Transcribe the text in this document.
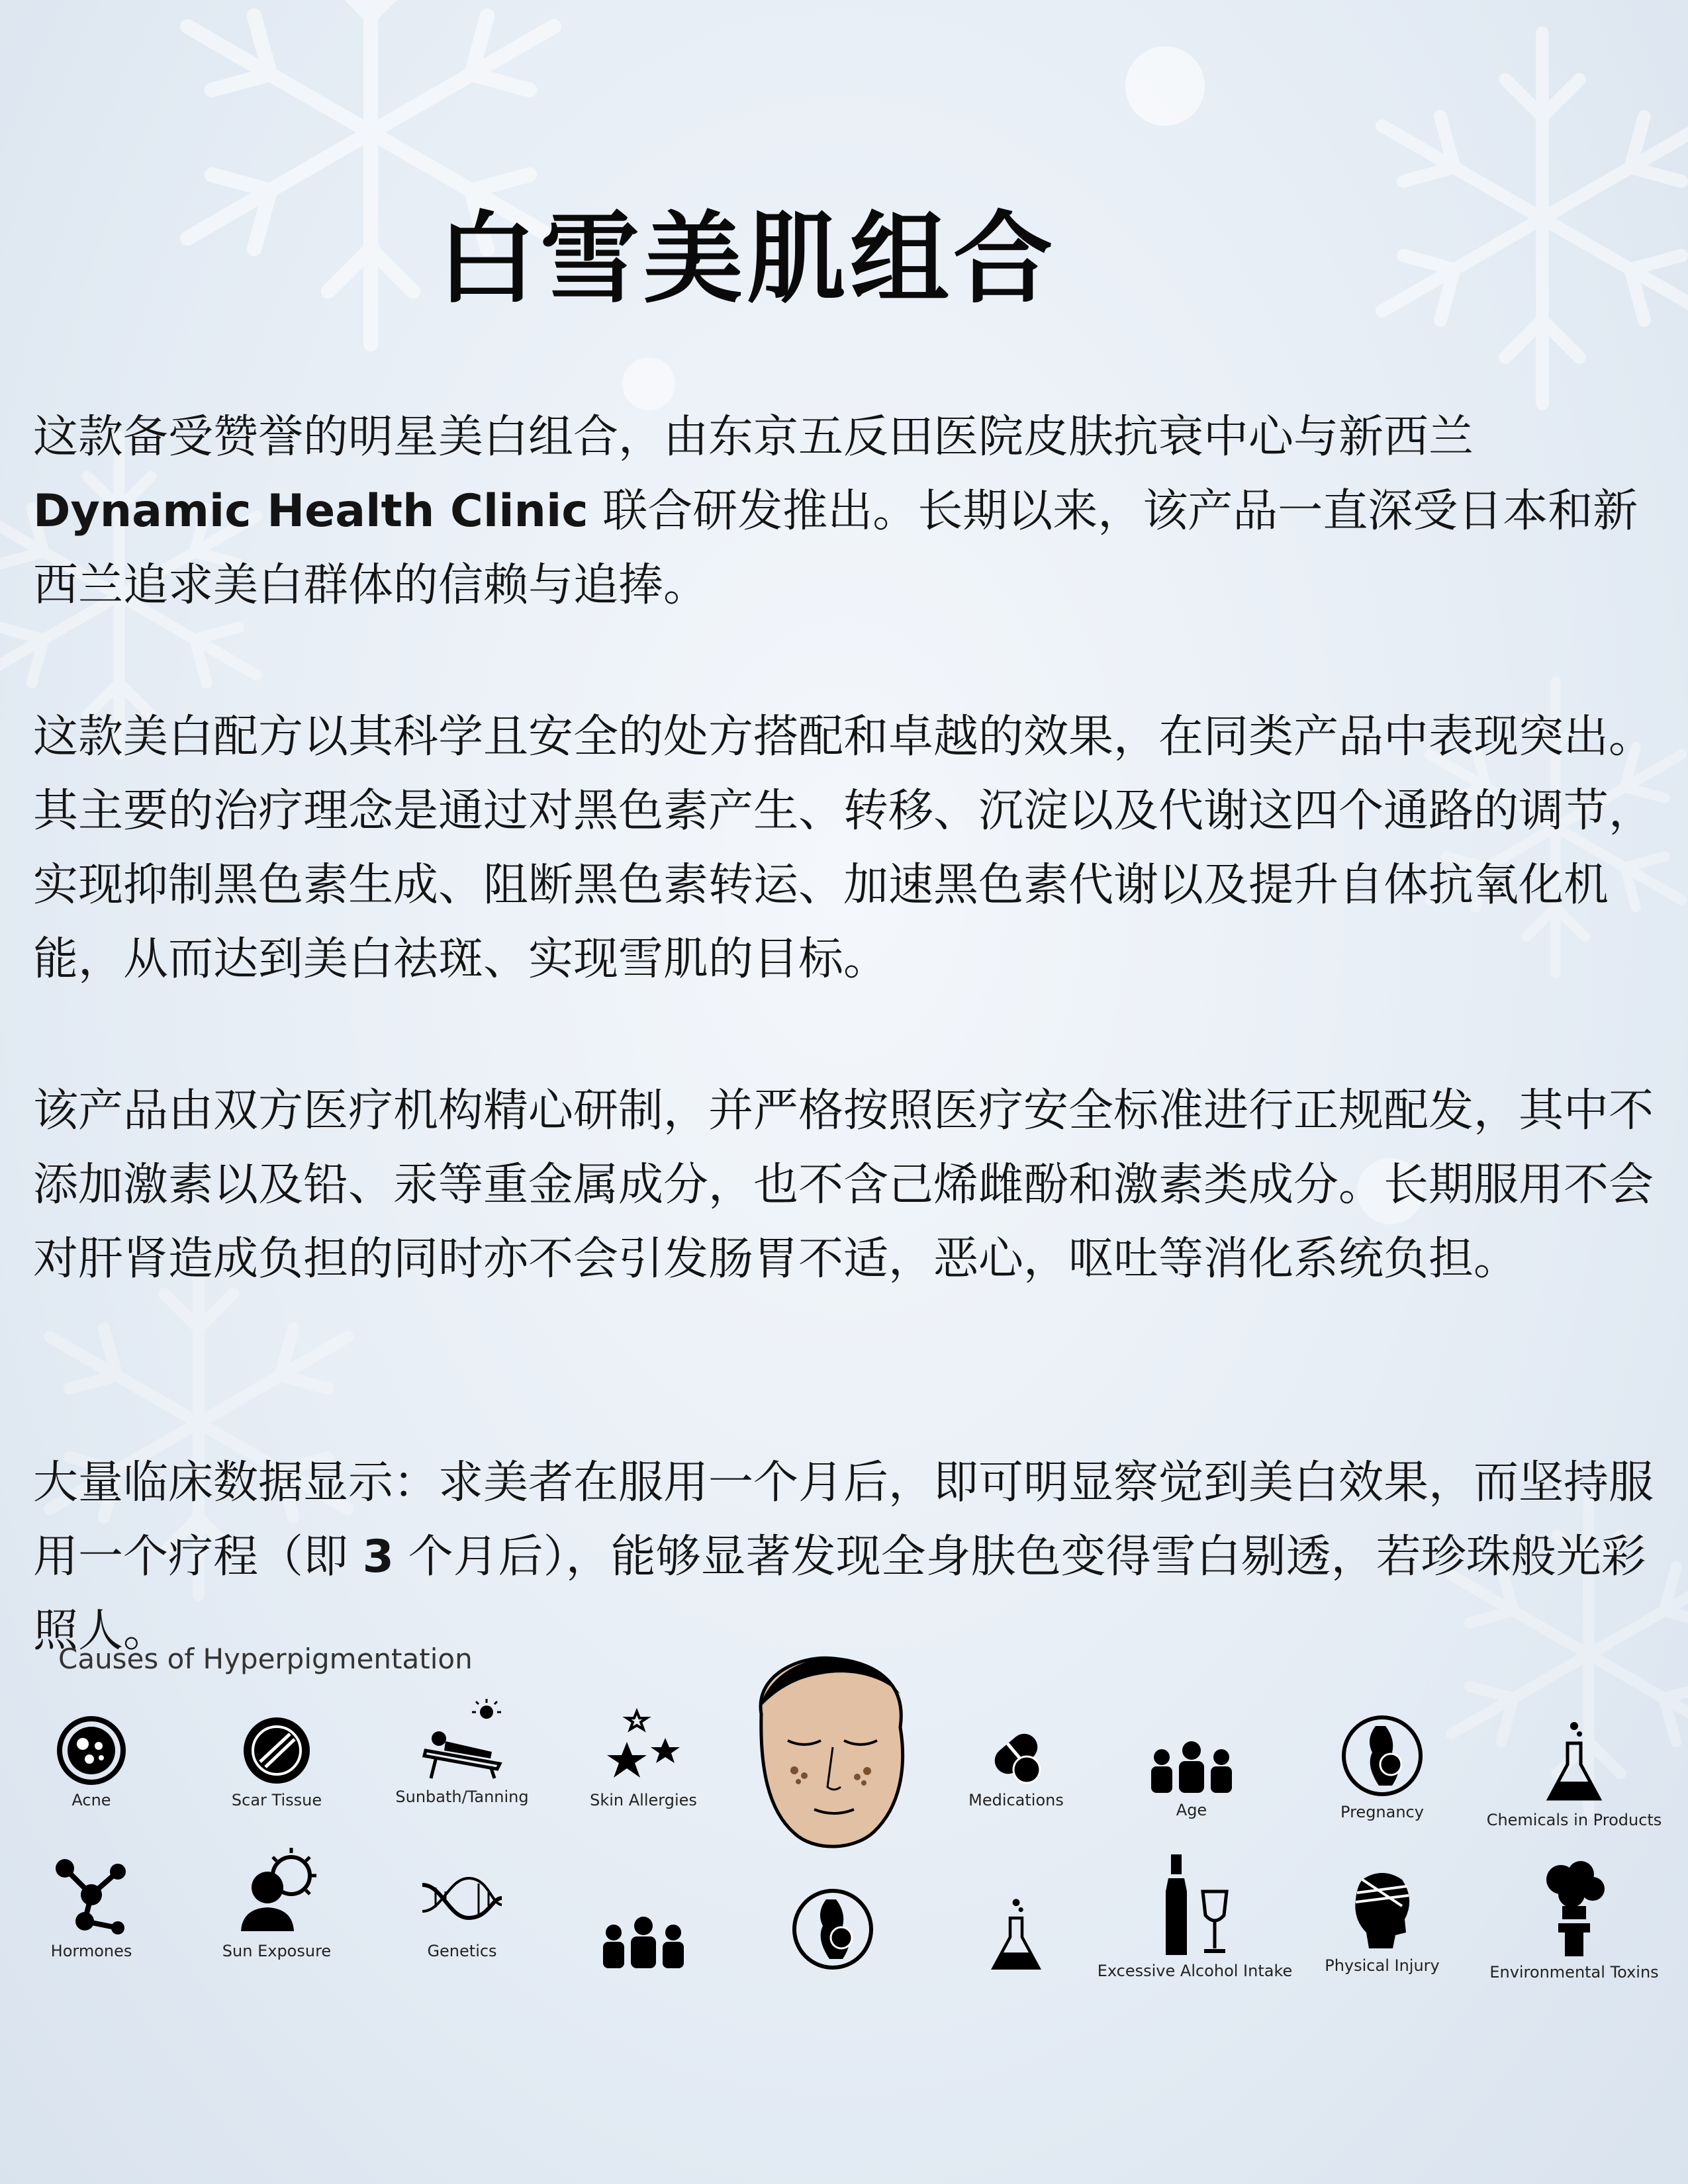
白雪美肌组合

这款备受赞誉的明星美白组合，由东京五反田医院皮肤抗衰中心与新西兰Dynamic Health Clinic 联合研发推出。长期以来，该产品一直深受日本和新西兰追求美白群体的信赖与追捧。

这款美白配方以其科学且安全的处方搭配和卓越的效果，在同类产品中表现突出。其主要的治疗理念是通过对黑色素产生、转移、沉淀以及代谢这四个通路的调节，实现抑制黑色素生成、阻断黑色素转运、加速黑色素代谢以及提升自体抗氧化机能，从而达到美白祛斑、实现雪肌的目标。

该产品由双方医疗机构精心研制，并严格按照医疗安全标准进行正规配发，其中不添加激素以及铅、汞等重金属成分，也不含己烯雌酚和激素类成分。长期服用不会对肝肾造成负担的同时亦不会引发肠胃不适，恶心，呕吐等消化系统负担。

大量临床数据显示：求美者在服用一个月后，即可明显察觉到美白效果，而坚持服用一个疗程（即 3 个月后），能够显著发现全身肤色变得雪白剔透，若珍珠般光彩照人。

Causes of Hyperpigmentation
Acne	Scar Tissue	Sunbath/Tanning	Skin Allergies	Medications
Age	Pregnancy	Chemicals in Products
Hormones	Sun Exposure	Genetics
Excessive Alcohol Intake	Physical Injury	Environmental Toxins
